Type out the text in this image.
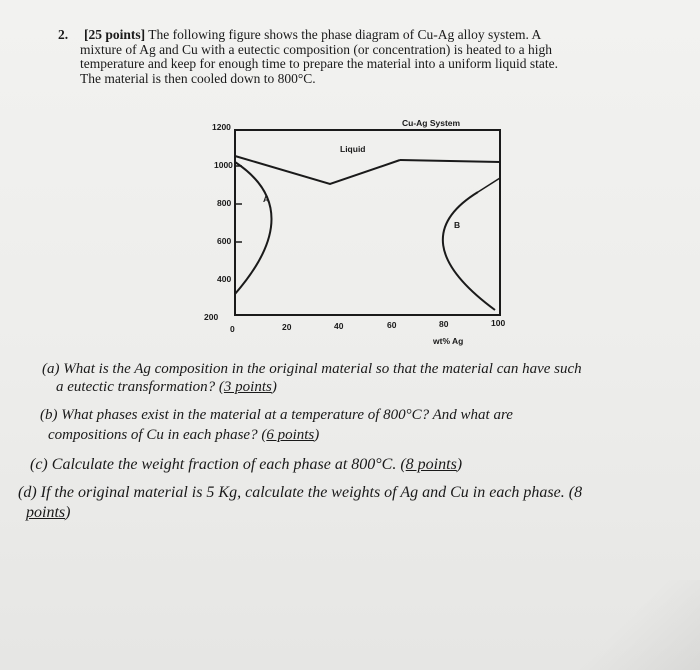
2. [25 points] The following figure shows the phase diagram of Cu-Ag alloy system. A
mixture of Ag and Cu with a eutectic composition (or concentration) is heated to a high
temperature and keep for enough time to prepare the material into a uniform liquid state.
The material is then cooled down to 800°C.
Cu-Ag System
Liquid
A
B
1200
1000
800
600
400
200
0	20	40	60	80	100
wt% Ag
(a) What is the Ag composition in the original material so that the material can have such
a eutectic transformation? (3 points)
(b) What phases exist in the material at a temperature of 800°C? And what are
compositions of Cu in each phase? (6 points)
(c) Calculate the weight fraction of each phase at 800°C. (8 points)
(d) If the original material is 5 Kg, calculate the weights of Ag and Cu in each phase. (8
points)
